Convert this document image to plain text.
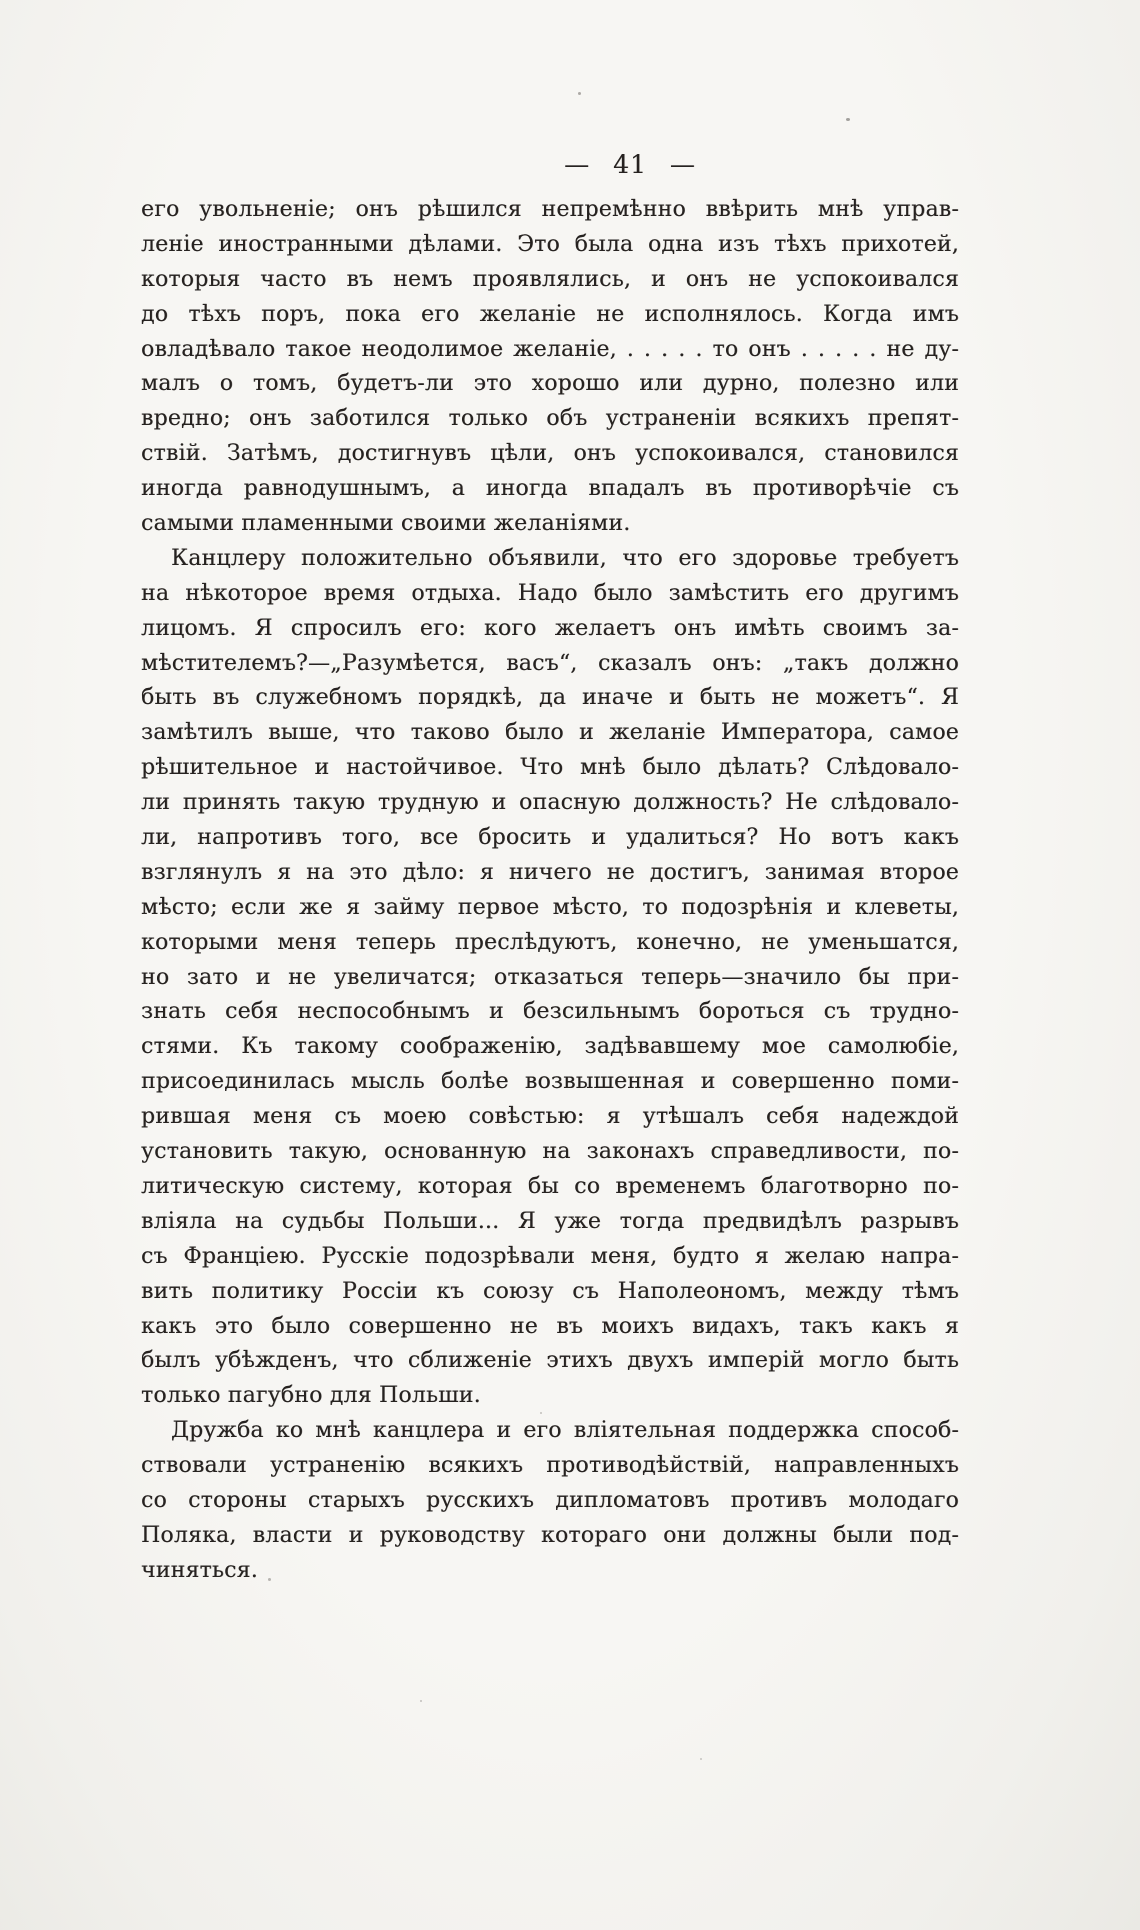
— 41 —
его увольненіе; онъ рѣшился непремѣнно ввѣрить мнѣ управ-
леніе иностранными дѣлами. Это была одна изъ тѣхъ прихотей,
которыя часто въ немъ проявлялись, и онъ не успокоивался
до тѣхъ поръ, пока его желаніе не исполнялось. Когда имъ
овладѣвало такое неодолимое желаніе, . . . . . то онъ . . . . . не ду-
малъ о томъ, будетъ-ли это хорошо или дурно, полезно или
вредно; онъ заботился только объ устраненіи всякихъ препят-
ствій. Затѣмъ, достигнувъ цѣли, онъ успокоивался, становился
иногда равнодушнымъ, а иногда впадалъ въ противорѣчіе съ
самыми пламенными своими желаніями.
Канцлеру положительно объявили, что его здоровье требуетъ
на нѣкоторое время отдыха. Надо было замѣстить его другимъ
лицомъ. Я спросилъ его: кого желаетъ онъ имѣть своимъ за-
мѣстителемъ?—„Разумѣется, васъ“, сказалъ онъ: „такъ должно
быть въ служебномъ порядкѣ, да иначе и быть не можетъ“. Я
замѣтилъ выше, что таково было и желаніе Императора, самое
рѣшительное и настойчивое. Что мнѣ было дѣлать? Слѣдовало-
ли принять такую трудную и опасную должность? Не слѣдовало-
ли, напротивъ того, все бросить и удалиться? Но вотъ какъ
взглянулъ я на это дѣло: я ничего не достигъ, занимая второе
мѣсто; если же я займу первое мѣсто, то подозрѣнія и клеветы,
которыми меня теперь преслѣдуютъ, конечно, не уменьшатся,
но зато и не увеличатся; отказаться теперь—значило бы при-
знать себя неспособнымъ и безсильнымъ бороться съ трудно-
стями. Къ такому соображенію, задѣвавшему мое самолюбіе,
присоединилась мысль болѣе возвышенная и совершенно поми-
рившая меня съ моею совѣстью: я утѣшалъ себя надеждой
установить такую, основанную на законахъ справедливости, по-
литическую систему, которая бы со временемъ благотворно по-
вліяла на судьбы Польши... Я уже тогда предвидѣлъ разрывъ
съ Франціею. Русскіе подозрѣвали меня, будто я желаю напра-
вить политику Россіи къ союзу съ Наполеономъ, между тѣмъ
какъ это было совершенно не въ моихъ видахъ, такъ какъ я
былъ убѣжденъ, что сближеніе этихъ двухъ имперій могло быть
только пагубно для Польши.
Дружба ко мнѣ канцлера и его вліятельная поддержка способ-
ствовали устраненію всякихъ противодѣйствій, направленныхъ
со стороны старыхъ русскихъ дипломатовъ противъ молодаго
Поляка, власти и руководству котораго они должны были под-
чиняться.
